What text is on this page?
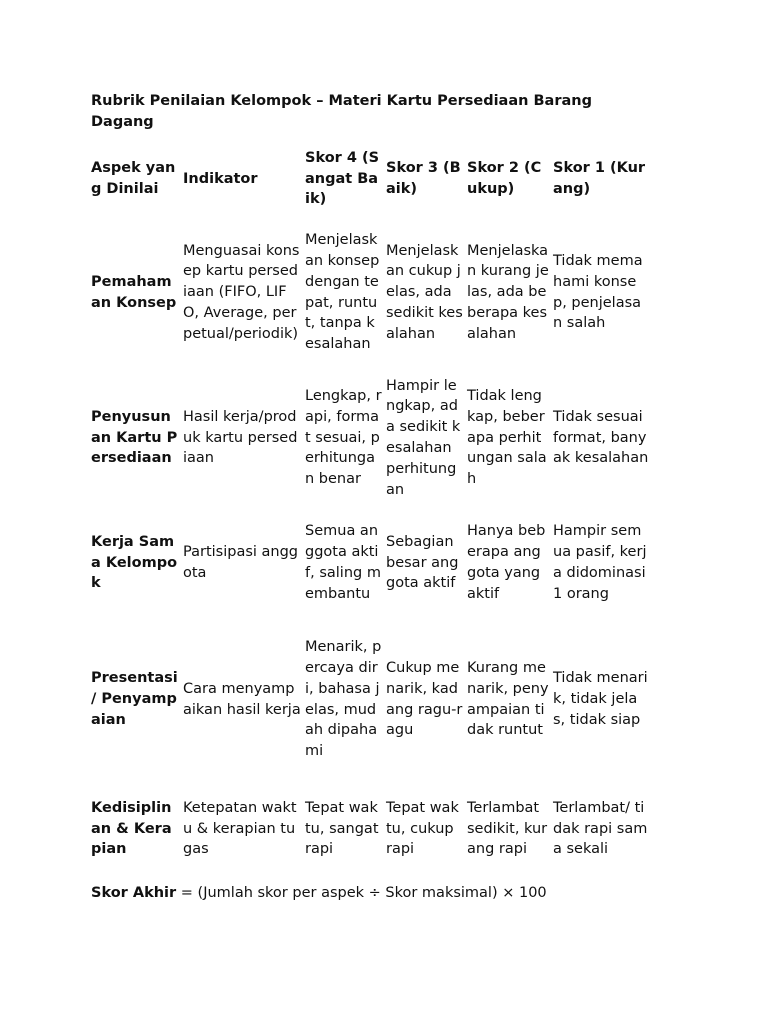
Rubrik Penilaian Kelompok – Materi Kartu Persediaan Barang Dagang
Aspek yang Dinilai	Indikator	Skor 4 (Sangat Baik)	Skor 3 (Baik)	Skor 2 (Cukup)	Skor 1 (Kurang)
Pemahaman Konsep	Menguasai konsep kartu persediaan (FIFO, LIFO, Average, perpetual/periodik)	Menjelaskan konsep dengan tepat, runtut, tanpa kesalahan	Menjelaskan cukup jelas, ada sedikit kesalahan	Menjelaskan kurang jelas, ada beberapa kesalahan	Tidak memahami konsep, penjelasan salah
Penyusunan Kartu Persediaan	Hasil kerja/produk kartu persediaan	Lengkap, rapi, format sesuai, perhitungan benar	Hampir lengkap, ada sedikit kesalahan perhitungan	Tidak lengkap, beberapa perhitungan salah	Tidak sesuai format, banyak kesalahan
Kerja Sama Kelompok	Partisipasi anggota	Semua anggota aktif, saling membantu	Sebagian besar anggota aktif	Hanya beberapa anggota yang aktif	Hampir semua pasif, kerja didominasi 1 orang
Presentasi / Penyampaian	Cara menyampaikan hasil kerja	Menarik, percaya diri, bahasa jelas, mudah dipahami	Cukup menarik, kadang ragu-ragu	Kurang menarik, penyampaian tidak runtut	Tidak menarik, tidak jelas, tidak siap
Kedisiplinan & Kerapian	Ketepatan waktu & kerapian tugas	Tepat waktu, sangat rapi	Tepat waktu, cukup rapi	Terlambat sedikit, kurang rapi	Terlambat/ tidak rapi sama sekali
Skor Akhir = (Jumlah skor per aspek ÷ Skor maksimal) × 100
